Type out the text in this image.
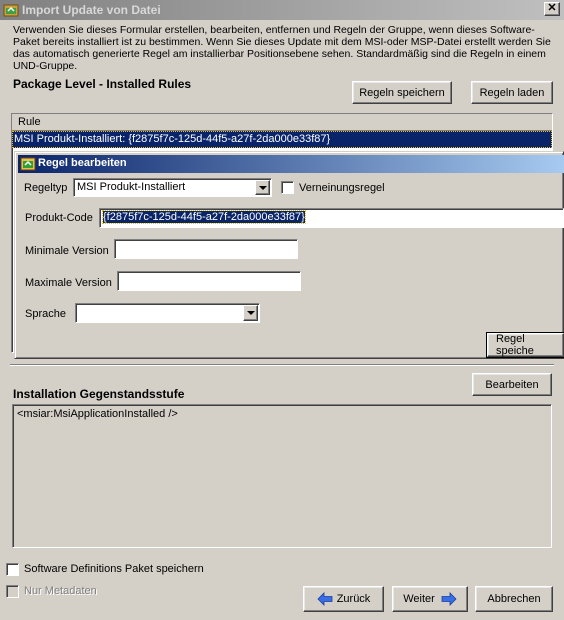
Import Update von Datei	✕
Verwenden Sie dieses Formular erstellen, bearbeiten, entfernen und Regeln der Gruppe, wenn dieses Software-Paket bereits installiert ist zu bestimmen. Wenn Sie dieses Update mit dem MSI-oder MSP-Datei erstellt werden Sie das automatisch generierte Regel am installierbar Positionsebene sehen. Standardmäßig sind die Regeln in einem UND-Gruppe.
Package Level - Installed Rules
Regeln speichern	Regeln laden
Rule
MSI Produkt-Installiert: {f2875f7c-125d-44f5-a27f-2da000e33f87}
Regel bearbeiten
Regeltyp MSI Produkt-Installiert	Verneinungsregel
Produkt-Code {f2875f7c-125d-44f5-a27f-2da000e33f87}
Minimale Version
Maximale Version
Sprache
Regel speiche
Installation Gegenstandsstufe
Bearbeiten
<msiar:MsiApplicationInstalled />
Software Definitions Paket speichern
Nur Metadaten
Zurück	Weiter	Abbrechen
